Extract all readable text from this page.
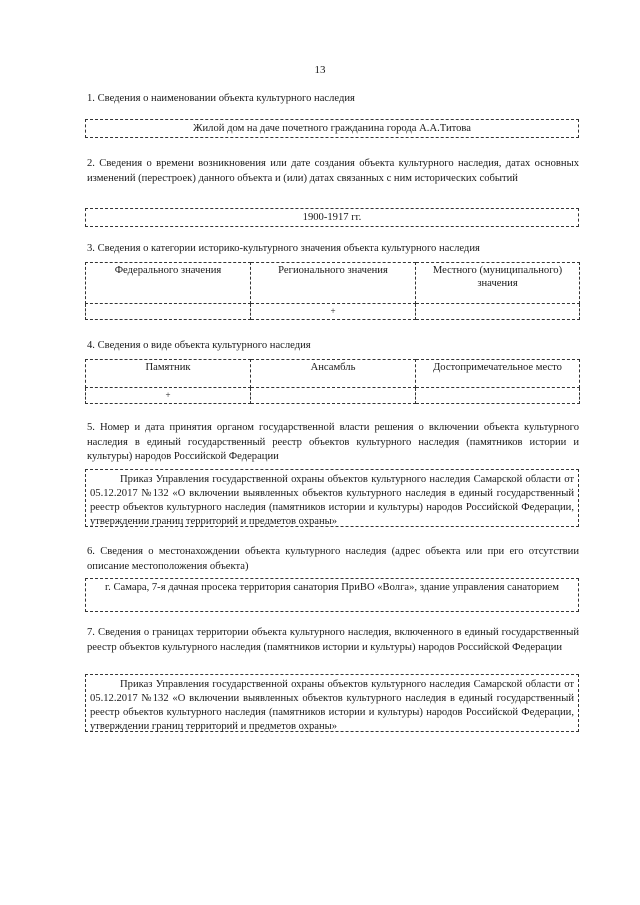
13
1. Сведения о наименовании объекта культурного наследия
Жилой дом на даче почетного гражданина города А.А.Титова
2. Сведения о времени возникновения или дате создания объекта культурного наследия, датах основных изменений (перестроек) данного объекта и (или) датах связанных с ним исторических событий
1900-1917 гг.
3. Сведения о категории историко-культурного значения объекта культурного наследия
Федерального значения	Регионального значения	Местного (муниципального) значения
	+	
4. Сведения о виде объекта культурного наследия
Памятник	Ансамбль	Достопримечательное место
+		
5. Номер и дата принятия органом государственной власти решения о включении объекта культурного наследия в единый государственный реестр объектов культурного наследия (памятников истории и культуры) народов Российской Федерации
Приказ Управления государственной охраны объектов культурного наследия Самарской области от 05.12.2017 №132 «О включении выявленных объектов культурного наследия в единый государственный реестр объектов культурного наследия (памятников истории и культуры) народов Российской Федерации, утверждении границ территорий и предметов охраны»
6. Сведения о местонахождении объекта культурного наследия (адрес объекта или при его отсутствии описание местоположения объекта)
г. Самара, 7-я дачная просека территория санатория ПриВО «Волга», здание управления санаторием
7. Сведения о границах территории объекта культурного наследия, включенного в единый государственный реестр объектов культурного наследия (памятников истории и культуры) народов Российской Федерации
Приказ Управления государственной охраны объектов культурного наследия Самарской области от 05.12.2017 №132 «О включении выявленных объектов культурного наследия в единый государственный реестр объектов культурного наследия (памятников истории и культуры) народов Российской Федерации, утверждении границ территорий и предметов охраны»
